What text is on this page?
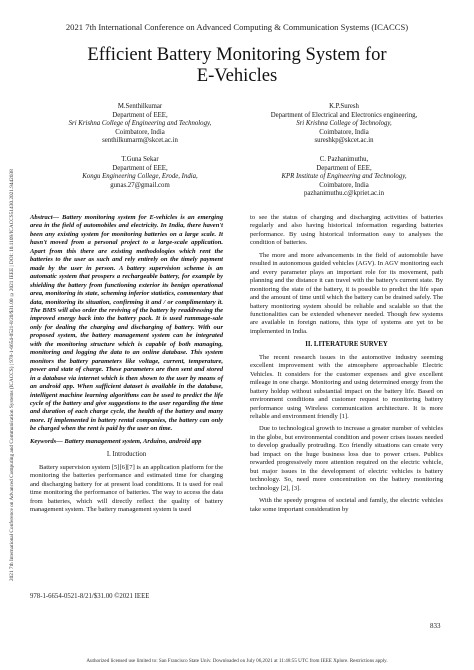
2021 7th International Conference on Advanced Computing & Communication Systems (ICACCS)
Efficient Battery Monitoring System for
E-Vehicles
M.Senthilkumar
Department of EEE,
Sri Krishna College of Engineering and Technology,
Coimbatore, India
senthilkumarm@skcet.ac.in
K.P.Suresh
Department of Electrical and Electronics engineering,
Sri Krishna College of Technology,
Coimbatore, India
sureshkp@skcet.ac.in
T.Guna Sekar
Department of EEE,
Kongu Engineering College, Erode, India,
gunas.27@gmail.com
C. Pazhanimuthu,
Department of EEE,
KPR Institute of Engineering and Technology,
Coimbatore, India
pazhanimuthu.c@kpriet.ac.in
2021 7th International Conference on Advanced Computing and Communication Systems (ICACCS) | 978-1-6654-0521-8/20/$31.00 ©2021 IEEE | DOI: 10.1109/ICACCS51430.2021.9442038	Abstract— Battery monitoring system for E-vehicles is an emerging area in the field of automobiles and electricity. In India, there haven't been any existing system for monitoring batteries on a large scale. It hasn't moved from a personal project to a large-scale application. Apart from this there are existing methodologies which rent the batteries to the user as such and rely entirely on the timely payment made by the user in person. A battery supervision scheme is an automatic system that prospers a rechargeable battery, for example by shielding the battery from functioning exterior its benign operational area, monitoring its state, scheming inferior statistics, commentary that data, monitoring its situation, confirming it and / or complimentary it. The BMS will also order the reviving of the battery by readdressing the improved energy back into the battery pack. It is used rummage-sale only for dealing the charging and discharging of battery. With our proposed system, the battery management system can be integrated with the monitoring structure which is capable of both managing, monitoring and logging the data to an online database. This system monitors the battery parameters like voltage, current, temperature, power and state of charge. These parameters are then sent and stored in a database via internet which is then shown to the user by means of an android app. When sufficient dataset is available in the database, intelligent machine learning algorithms can be used to predict the life cycle of the battery and give suggestions to the user regarding the time and duration of each charge cycle, the health of the battery and many more. If implemented in battery rental companies, the battery can only be charged when the rent is paid by the user on time.

Keywords— Battery management system, Arduino, android app

I. Introduction

Battery supervision system [5][6][7] is an application platform for the monitoring the batteries performance and estimated time for charging and discharging battery for at present load conditions. It is used for real time monitoring the performance of batteries. The way to access the data from batteries, which will directly reflect the quality of battery management system. The battery management system is used

to see the status of charging and discharging activities of batteries regularly and also having historical information regarding batteries performance. By using historical information easy to analyses the condition of batteries.

The more and more advancements in the field of automobile have resulted in autonomous guided vehicles (AGV). In AGV monitoring each and every parameter plays an important role for its movement, path planning and the distance it can travel with the battery's current state. By monitoring the state of the battery, it is possible to predict the life span and the amount of time until which the battery can be drained safely. The battery monitoring system should be reliable and scalable so that the functionalities can be extended whenever needed. Though few systems are available in foreign nations, this type of systems are yet to be implemented in India.

II. LITERATURE SURVEY

The recent research issues in the automotive industry seeming excellent improvement with the atmosphere approachable Electric Vehicles. It considers for the customer expenses and give excellent mileage in one charge. Monitoring and using determined energy from the battery holdup without substantial impact on the battery life. Based on environment conditions and customer request to monitoring battery performance using Wireless communication architecture. It is more reliable and environment friendly [1].

Due to technological growth to increase a greater number of vehicles in the globe, but environmental condition and power crises issues needed to develop gradually protruding. Eco friendly situations can create very bad impact on the huge business loss due to power crises. Publics rewarded progressively more attention required on the electric vehicle, but major issues in the development of electric vehicles is battery technology. So, need more concentration on the battery monitoring technology [2], [3].

With the speedy progress of societal and family, the electric vehicles take some important consideration by

978-1-6654-0521-8/21/$31.00 ©2021 IEEE
833
Authorized licensed use limited to: San Francisco State Univ. Downloaded on July 06,2021 at 11:48:55 UTC from IEEE Xplore. Restrictions apply.
